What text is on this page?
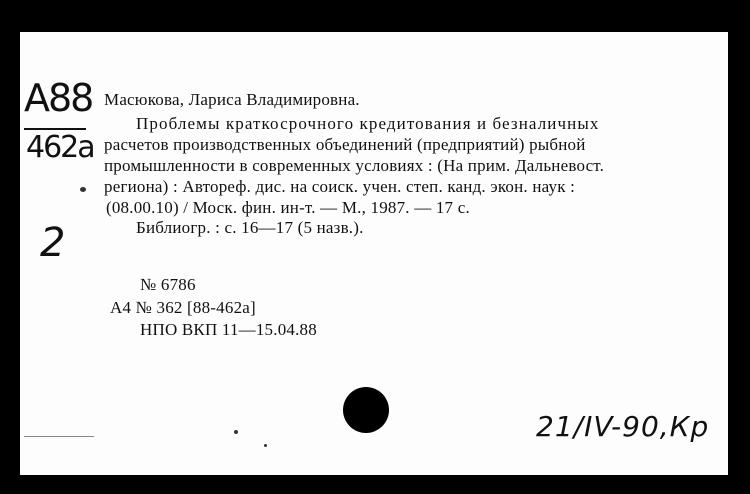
А88
462а
Масюкова, Лариса Владимировна.
Проблемы краткосрочного кредитования и безналичных
расчетов производственных объединений (предприятий) рыбной
промышленности в современных условиях : (На прим. Дальневост.
региона) : Автореф. дис. на соиск. учен. степ. канд. экон. наук :
(08.00.10) / Моск. фин. ин-т. — М., 1987. — 17 с.
Библиогр. : с. 16—17 (5 назв.).
2
№ 6786
А4 № 362 [88-462а]
НПО ВКП 11—15.04.88
21/IV-90,Кр
